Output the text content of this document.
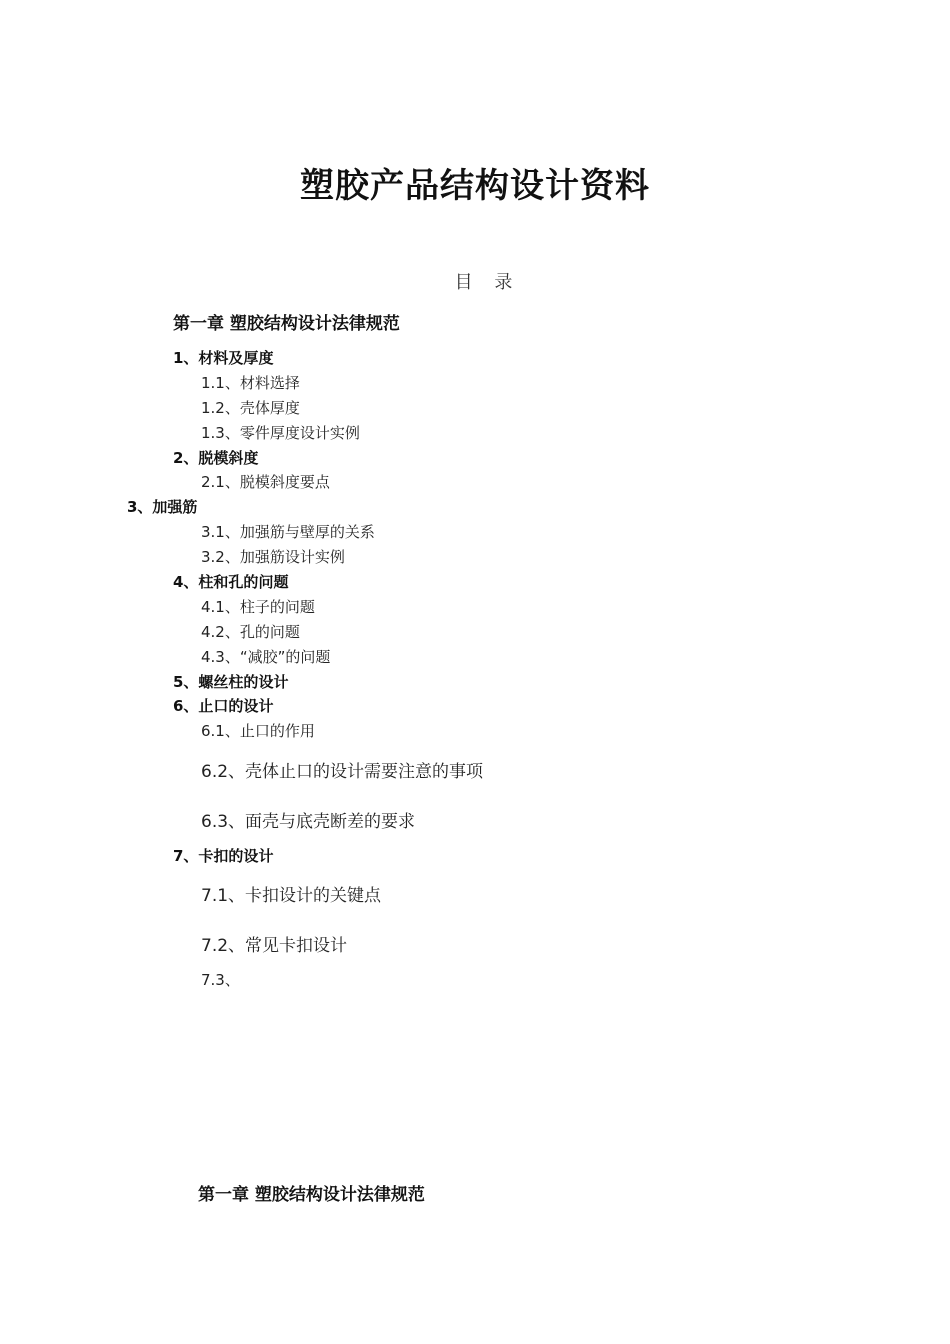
塑胶产品结构设计资料
目 录
第一章 塑胶结构设计法律规范
1、材料及厚度
1.1、材料选择
1.2、壳体厚度
1.3、零件厚度设计实例
2、脱模斜度
2.1、脱模斜度要点
3、加强筋
3.1、加强筋与壁厚的关系
3.2、加强筋设计实例
4、柱和孔的问题
4.1、柱子的问题
4.2、孔的问题
4.3、“减胶”的问题
5、螺丝柱的设计
6、止口的设计
6.1、止口的作用
6.2、壳体止口的设计需要注意的事项
6.3、面壳与底壳断差的要求
7、卡扣的设计
7.1、卡扣设计的关键点
7.2、常见卡扣设计
7.3、
第一章 塑胶结构设计法律规范
